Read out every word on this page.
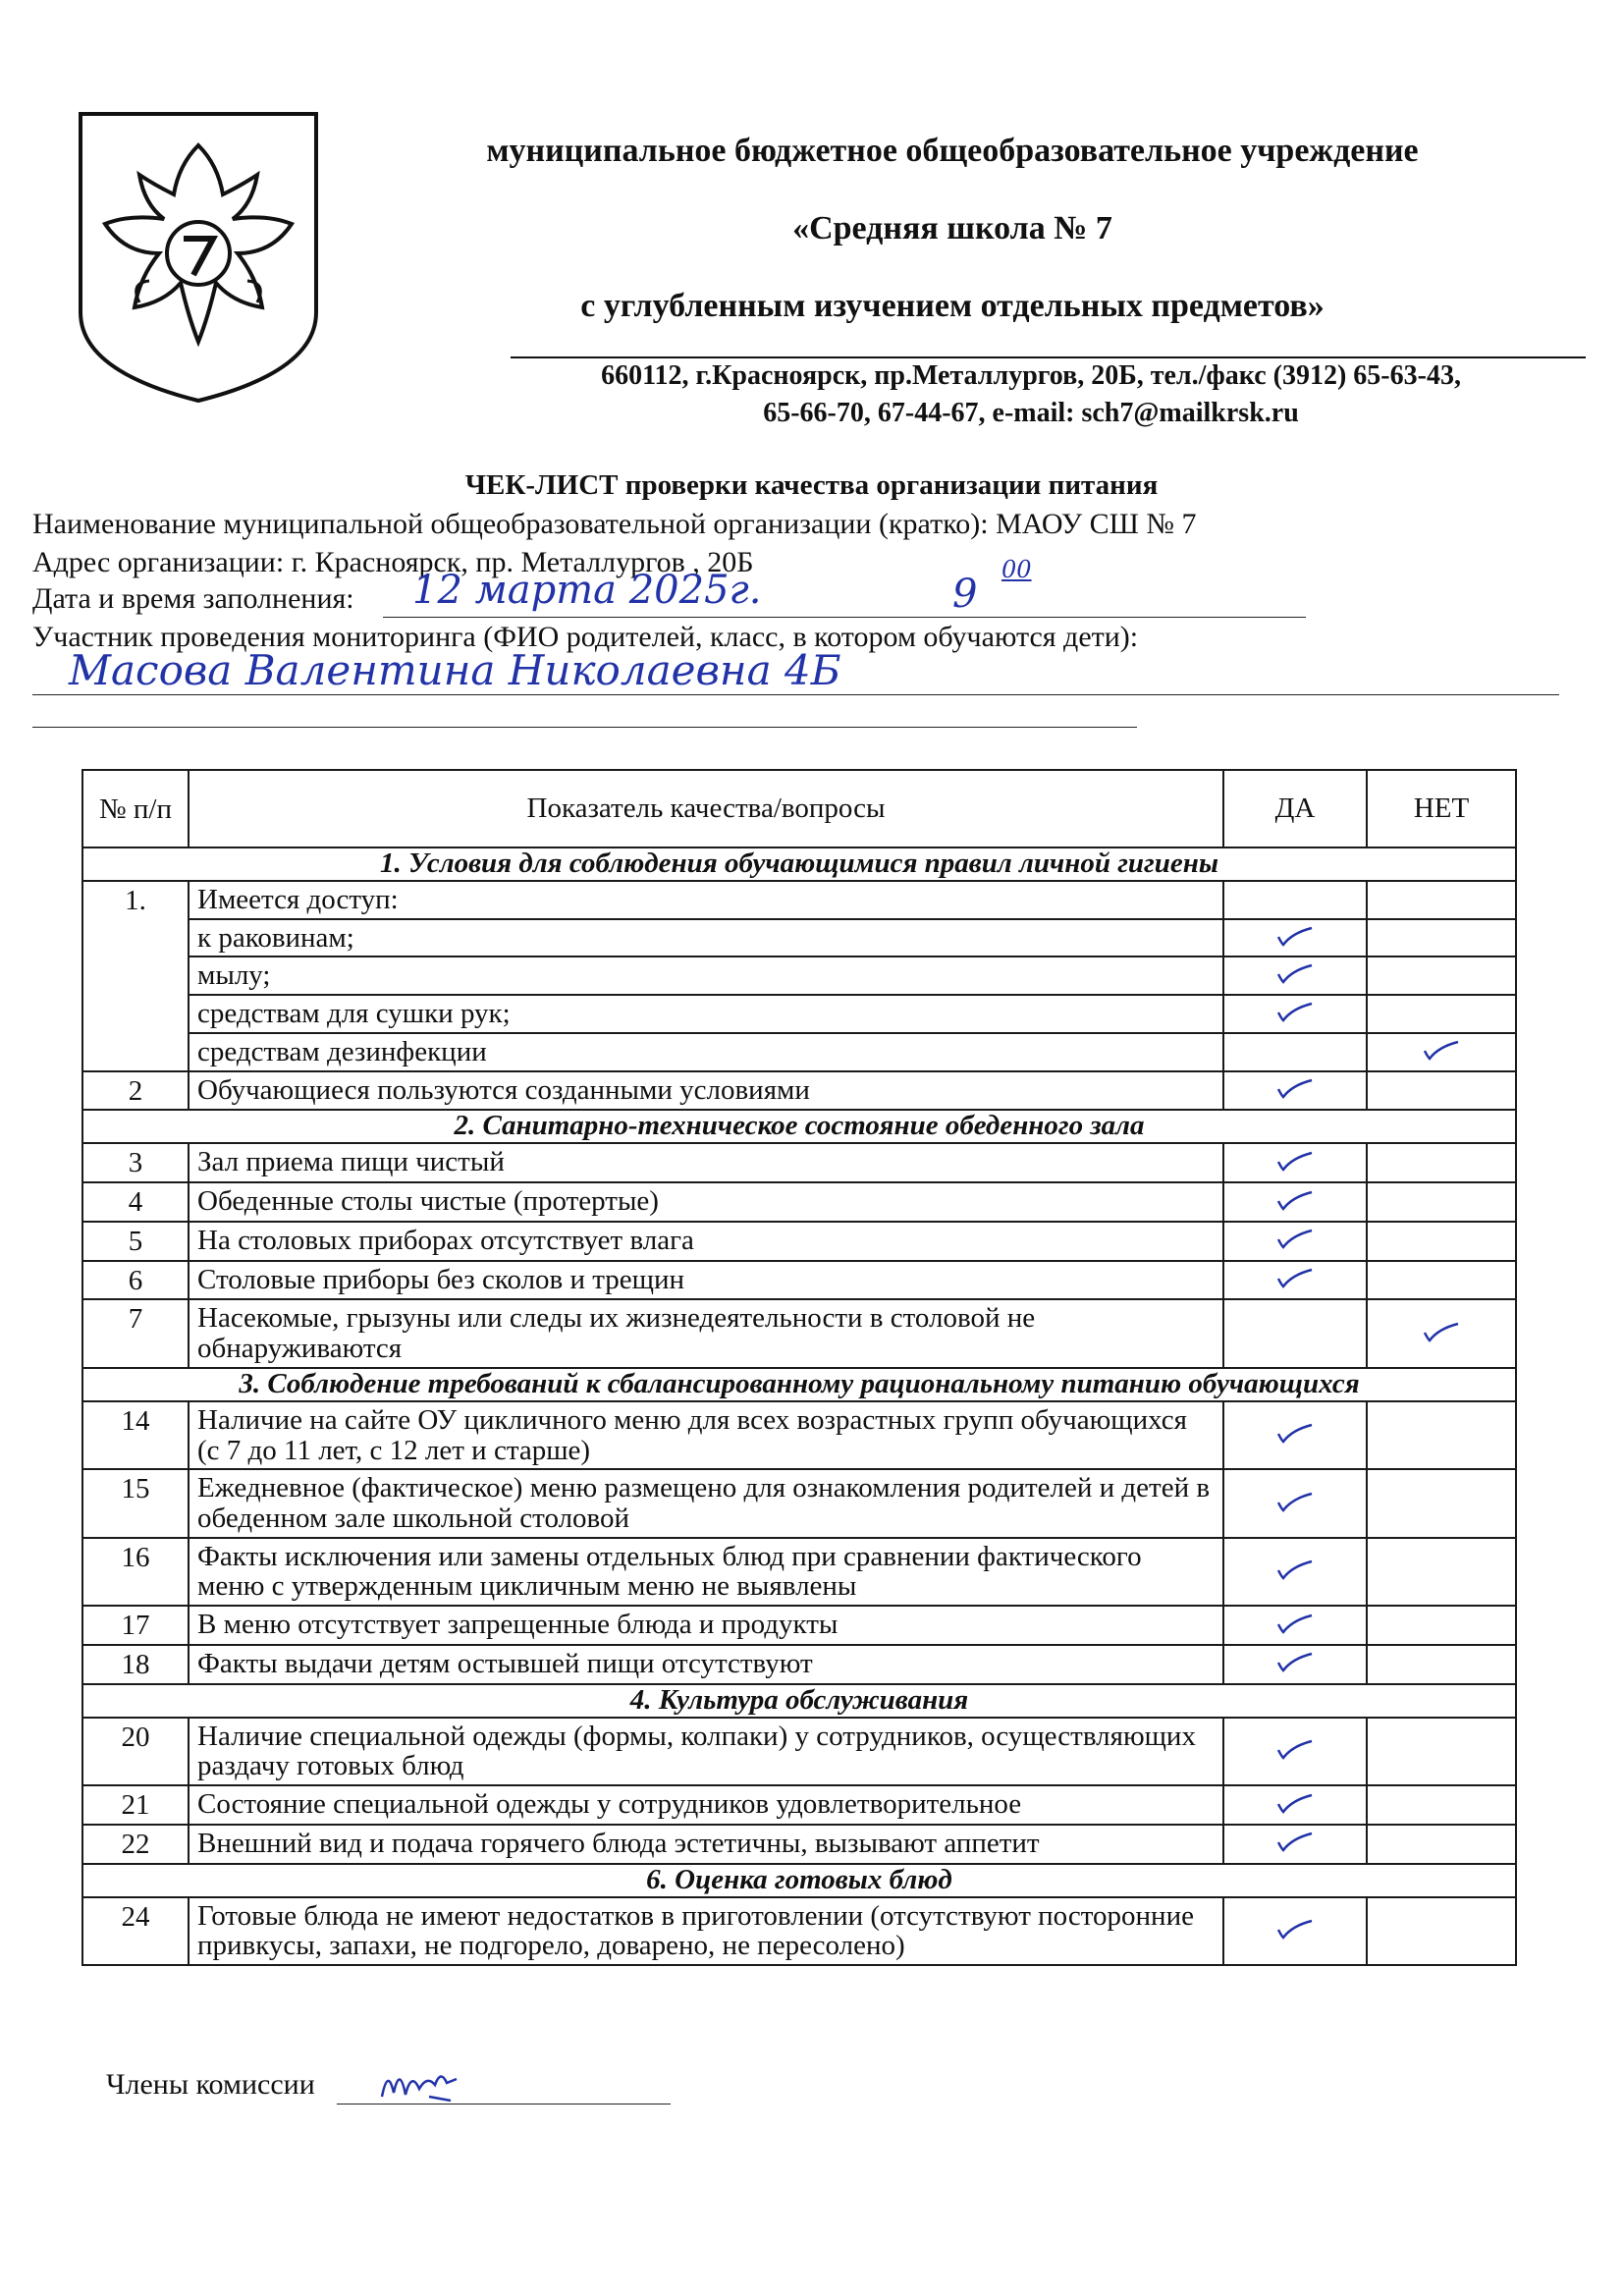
муниципальное бюджетное общеобразовательное учреждение
«Средняя школа № 7
с углубленным изучением отдельных предметов»
660112, г.Красноярск, пр.Металлургов, 20Б, тел./факс (3912) 65-63-43,
65-66-70, 67-44-67, e-mail: sch7@mailkrsk.ru
ЧЕК-ЛИСТ проверки качества организации питания
Наименование муниципальной общеобразовательной организации (кратко): МАОУ СШ № 7
Адрес организации: г. Красноярск, пр. Металлургов , 20Б
Дата и время заполнения: 12 марта 2025г.	9
00
Участник проведения мониторинга (ФИО родителей, класс, в котором обучаются дети):
Масова Валентина Николаевна 4Б
№ п/п	Показатель качества/вопросы	ДА	НЕТ
1. Условия для соблюдения обучающимися правил личной гигиены			
1.	Имеется доступ:		
	к раковинам;		
	мылу;		
	средствам для сушки рук;		
	средствам дезинфекции		
2	Обучающиеся пользуются созданными условиями		
2. Санитарно-техническое состояние обеденного зала			
3	Зал приема пищи чистый		
4	Обеденные столы чистые (протертые)		
5	На столовых приборах отсутствует влага		
6	Столовые приборы без сколов и трещин		
7	Насекомые, грызуны или следы их жизнедеятельности в столовой не обнаруживаются		
3. Соблюдение требований к сбалансированному рациональному питанию обучающихся			
14	Наличие на сайте ОУ цикличного меню для всех возрастных групп обучающихся (с 7 до 11 лет, с 12 лет и старше)		
15	Ежедневное (фактическое) меню размещено для ознакомления родителей и детей в обеденном зале школьной столовой		
16	Факты исключения или замены отдельных блюд при сравнении фактического меню с утвержденным цикличным меню не выявлены		
17	В меню отсутствует запрещенные блюда и продукты		
18	Факты выдачи детям остывшей пищи отсутствуют		
4. Культура обслуживания			
20	Наличие специальной одежды (формы, колпаки) у сотрудников, осуществляющих раздачу готовых блюд		
21	Состояние специальной одежды у сотрудников удовлетворительное		
22	Внешний вид и подача горячего блюда эстетичны, вызывают аппетит		
6. Оценка готовых блюд			
24	Готовые блюда не имеют недостатков в приготовлении (отсутствуют посторонние привкусы, запахи, не подгорело, доварено, не пересолено)		
Члены комиссии
